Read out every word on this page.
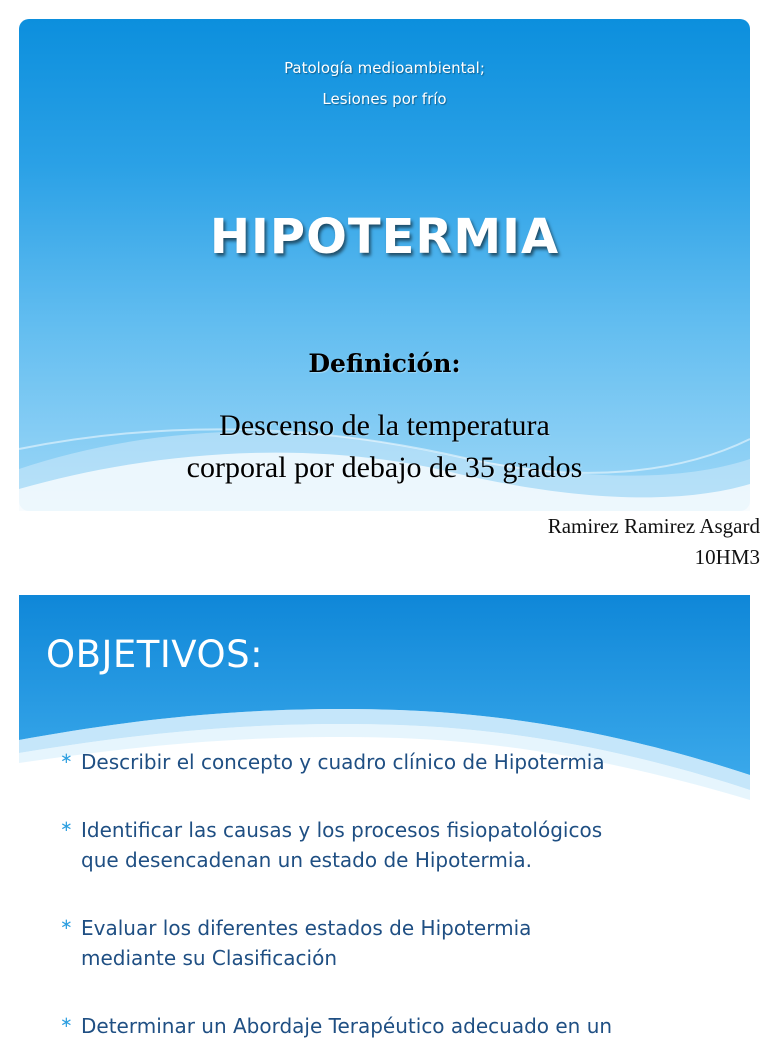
Patología medioambiental;
Lesiones por frío
HIPOTERMIA
Definición:
Descenso de la temperatura
corporal por debajo de 35 grados
Ramirez Ramirez Asgard
10HM3
OBJETIVOS:
∗ Describir el concepto y cuadro clínico de Hipotermia
∗ Identificar las causas y los procesos fisiopatológicos
que desencadenan un estado de Hipotermia.
∗ Evaluar los diferentes estados de Hipotermia
mediante su Clasificación
∗ Determinar un Abordaje Terapéutico adecuado en un
